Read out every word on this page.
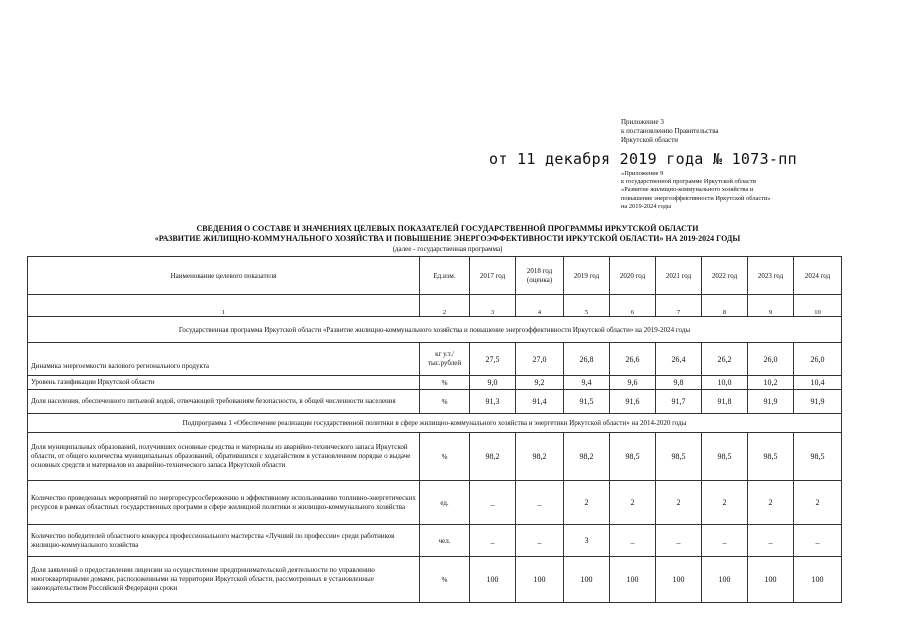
Приложение 3
к постановлению Правительства
Иркутской области
от 11 декабря 2019 года № 1073-пп
«Приложение 9
к государственной программе Иркутской области
«Развитие жилищно-коммунального хозяйства и
повышение энергоэффективности Иркутской области»
на 2019-2024 годы
СВЕДЕНИЯ О СОСТАВЕ И ЗНАЧЕНИЯХ ЦЕЛЕВЫХ ПОКАЗАТЕЛЕЙ ГОСУДАРСТВЕННОЙ ПРОГРАММЫ ИРКУТСКОЙ ОБЛАСТИ
«РАЗВИТИЕ ЖИЛИЩНО-КОММУНАЛЬНОГО ХОЗЯЙСТВА И ПОВЫШЕНИЕ ЭНЕРГОЭФФЕКТИВНОСТИ ИРКУТСКОЙ ОБЛАСТИ» НА 2019-2024 ГОДЫ
(далее - государственная программа)
Наименование целевого показателя	Ед.изм.	2017 год	2018 год
(оценка)	2019 год	2020 год	2021 год	2022 год	2023 год	2024 год
1	2	3	4	5	6	7	8	9	10
Государственная программа Иркутской области «Развитие жилищно-коммунального хозяйства и повышение энергоэффективности Иркутской области» на 2019-2024 годы									
Динамика энергоемкости валового регионального продукта	кг у.т./
тыс.рублей	27,5	27,0	26,8	26,6	26,4	26,2	26,0	26,0
Уровень газификации Иркутской области	%	9,0	9,2	9,4	9,6	9,8	10,0	10,2	10,4
Доля населения, обеспеченного питьевой водой, отвечающей требованиям безопасности, в общей численности населения	%	91,3	91,4	91,5	91,6	91,7	91,8	91,9	91,9
Подпрограмма 1 «Обеспечение реализации государственной политики в сфере жилищно-коммунального хозяйства и энергетики Иркутской области» на 2014-2020 годы									
Доля муниципальных образований, получивших основные средства и материалы из аварийно-технического запаса Иркутской области, от общего количества муниципальных образований, обратившихся с ходатайством в установленном порядке о выдаче основных средств и материалов из аварийно-технического запаса Иркутской области	%	98,2	98,2	98,2	98,5	98,5	98,5	98,5	98,5
Количество проведенных мероприятий по энергоресурсосбережению и эффективному использованию топливно-энергетических ресурсов в рамках областных государственных программ в сфере жилищной политики и жилищно-коммунального хозяйства	ед.	_	_	2	2	2	2	2	2
Количество победителей областного конкурса профессионального мастерства «Лучший по профессии» среди работников жилищно-коммунального хозяйства	чел.	_	_	3	_	_	_	_	_
Доля заявлений о предоставлении лицензии на осуществление предпринимательской деятельности по управлению многоквартирными домами, расположенными на территории Иркутской области, рассмотренных в установленные законодательством Российской Федерации сроки	%	100	100	100	100	100	100	100	100
